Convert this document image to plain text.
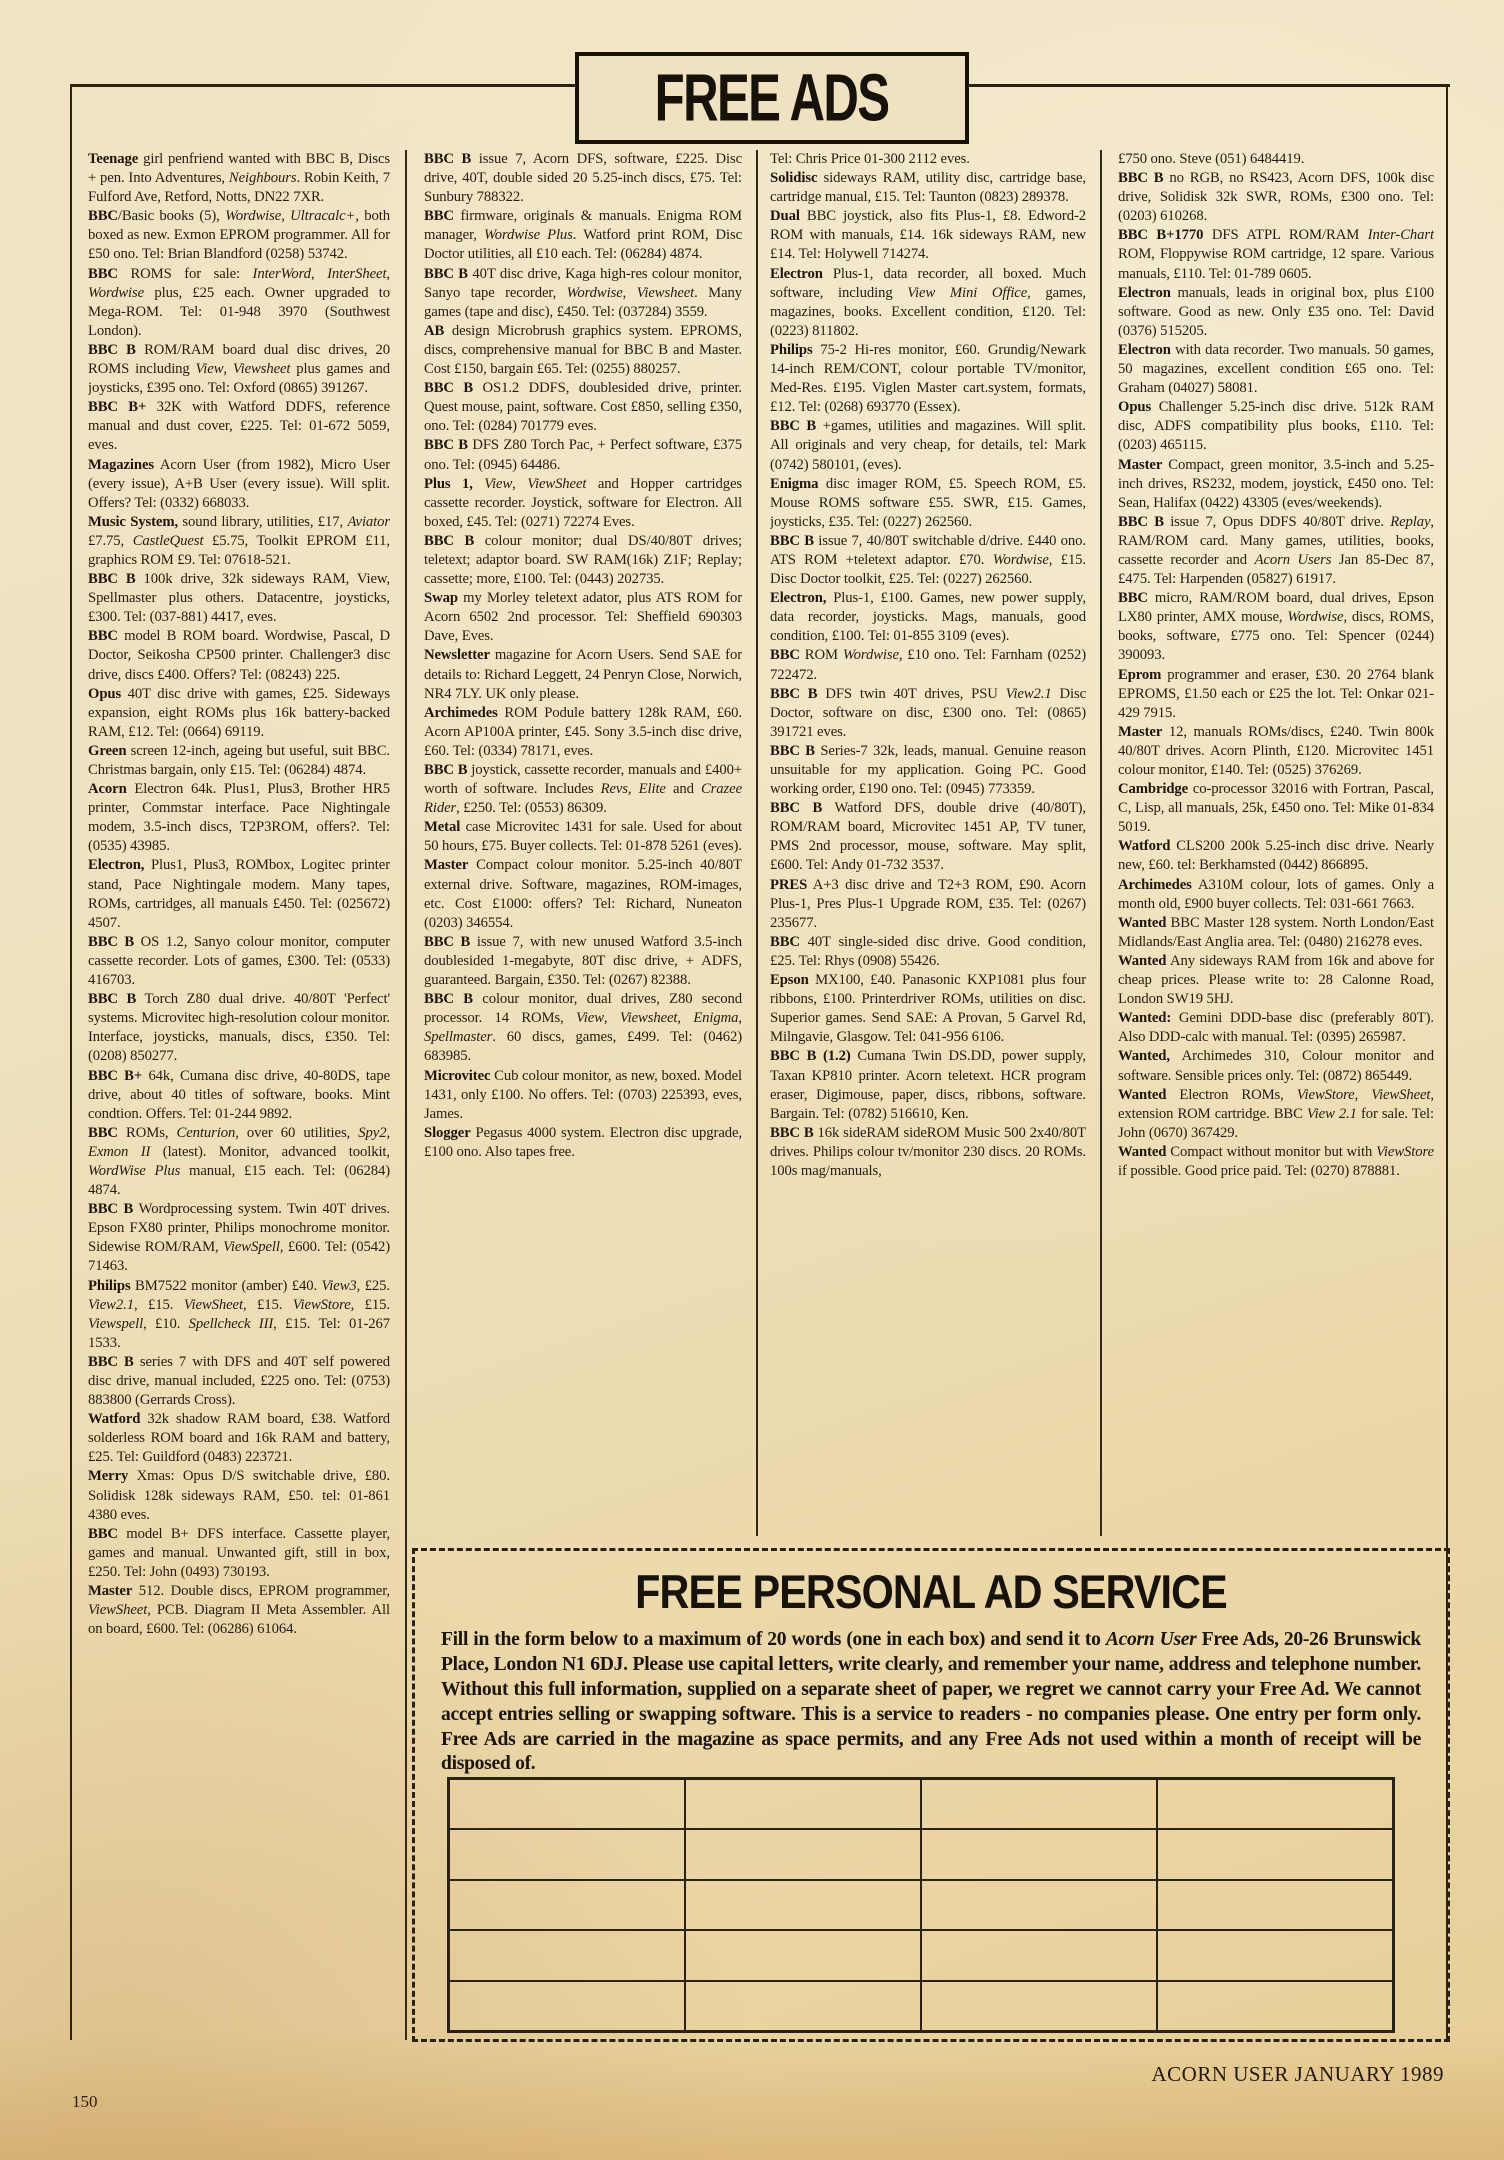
FREE ADS

Teenage girl penfriend wanted with BBC B, Discs + pen. Into Adventures, Neighbours. Robin Keith, 7 Fulford Ave, Retford, Notts, DN22 7XR.

BBC/Basic books (5), Wordwise, Ultracalc+, both boxed as new. Exmon EPROM programmer. All for £50 ono. Tel: Brian Blandford (0258) 53742.

BBC ROMS for sale: InterWord, InterSheet, Wordwise plus, £25 each. Owner upgraded to Mega-ROM. Tel: 01-948 3970 (Southwest London).

BBC B ROM/RAM board dual disc drives, 20 ROMS including View, Viewsheet plus games and joysticks, £395 ono. Tel: Oxford (0865) 391267.

BBC B+ 32K with Watford DDFS, reference manual and dust cover, £225. Tel: 01-672 5059, eves.

Magazines Acorn User (from 1982), Micro User (every issue), A+B User (every issue). Will split. Offers? Tel: (0332) 668033.

Music System, sound library, utilities, £17, Aviator £7.75, CastleQuest £5.75, Toolkit EPROM £11, graphics ROM £9. Tel: 07618-521.

BBC B 100k drive, 32k sideways RAM, View, Spellmaster plus others. Datacentre, joysticks, £300. Tel: (037-881) 4417, eves.

BBC model B ROM board. Wordwise, Pascal, D Doctor, Seikosha CP500 printer. Challenger3 disc drive, discs £400. Offers? Tel: (08243) 225.

Opus 40T disc drive with games, £25. Sideways expansion, eight ROMs plus 16k battery-backed RAM, £12. Tel: (0664) 69119.

Green screen 12-inch, ageing but useful, suit BBC. Christmas bargain, only £15. Tel: (06284) 4874.

Acorn Electron 64k. Plus1, Plus3, Brother HR5 printer, Commstar interface. Pace Nightingale modem, 3.5-inch discs, T2P3ROM, offers?. Tel: (0535) 43985.

Electron, Plus1, Plus3, ROMbox, Logitec printer stand, Pace Nightingale modem. Many tapes, ROMs, cartridges, all manuals £450. Tel: (025672) 4507.

BBC B OS 1.2, Sanyo colour monitor, computer cassette recorder. Lots of games, £300. Tel: (0533) 416703.

BBC B Torch Z80 dual drive. 40/80T 'Perfect' systems. Microvitec high-resolution colour monitor. Interface, joysticks, manuals, discs, £350. Tel: (0208) 850277.

BBC B+ 64k, Cumana disc drive, 40-80DS, tape drive, about 40 titles of software, books. Mint condtion. Offers. Tel: 01-244 9892.

BBC ROMs, Centurion, over 60 utilities, Spy2, Exmon II (latest). Monitor, advanced toolkit, WordWise Plus manual, £15 each. Tel: (06284) 4874.

BBC B Wordprocessing system. Twin 40T drives. Epson FX80 printer, Philips monochrome monitor. Sidewise ROM/RAM, ViewSpell, £600. Tel: (0542) 71463.

Philips BM7522 monitor (amber) £40. View3, £25. View2.1, £15. ViewSheet, £15. ViewStore, £15. Viewspell, £10. Spellcheck III, £15. Tel: 01-267 1533.

BBC B series 7 with DFS and 40T self powered disc drive, manual included, £225 ono. Tel: (0753) 883800 (Gerrards Cross).

Watford 32k shadow RAM board, £38. Watford solderless ROM board and 16k RAM and battery, £25. Tel: Guildford (0483) 223721.

Merry Xmas: Opus D/S switchable drive, £80. Solidisk 128k sideways RAM, £50. tel: 01-861 4380 eves.

BBC model B+ DFS interface. Cassette player, games and manual. Unwanted gift, still in box, £250. Tel: John (0493) 730193.

Master 512. Double discs, EPROM programmer, ViewSheet, PCB. Diagram II Meta Assembler. All on board, £600. Tel: (06286) 61064.

BBC B issue 7, Acorn DFS, software, £225. Disc drive, 40T, double sided 20 5.25-inch discs, £75. Tel: Sunbury 788322.

BBC firmware, originals & manuals. Enigma ROM manager, Wordwise Plus. Watford print ROM, Disc Doctor utilities, all £10 each. Tel: (06284) 4874.

BBC B 40T disc drive, Kaga high-res colour monitor, Sanyo tape recorder, Wordwise, Viewsheet. Many games (tape and disc), £450. Tel: (037284) 3559.

AB design Microbrush graphics system. EPROMS, discs, comprehensive manual for BBC B and Master. Cost £150, bargain £65. Tel: (0255) 880257.

BBC B OS1.2 DDFS, doublesided drive, printer. Quest mouse, paint, software. Cost £850, selling £350, ono. Tel: (0284) 701779 eves.

BBC B DFS Z80 Torch Pac, + Perfect software, £375 ono. Tel: (0945) 64486.

Plus 1, View, ViewSheet and Hopper cartridges cassette recorder. Joystick, software for Electron. All boxed, £45. Tel: (0271) 72274 Eves.

BBC B colour monitor; dual DS/40/80T drives; teletext; adaptor board. SW RAM(16k) Z1F; Replay; cassette; more, £100. Tel: (0443) 202735.

Swap my Morley teletext adator, plus ATS ROM for Acorn 6502 2nd processor. Tel: Sheffield 690303 Dave, Eves.

Newsletter magazine for Acorn Users. Send SAE for details to: Richard Leggett, 24 Penryn Close, Norwich, NR4 7LY. UK only please.

Archimedes ROM Podule battery 128k RAM, £60. Acorn AP100A printer, £45. Sony 3.5-inch disc drive, £60. Tel: (0334) 78171, eves.

BBC B joystick, cassette recorder, manuals and £400+ worth of software. Includes Revs, Elite and Crazee Rider, £250. Tel: (0553) 86309.

Metal case Microvitec 1431 for sale. Used for about 50 hours, £75. Buyer collects. Tel: 01-878 5261 (eves).

Master Compact colour monitor. 5.25-inch 40/80T external drive. Software, magazines, ROM-images, etc. Cost £1000: offers? Tel: Richard, Nuneaton (0203) 346554.

BBC B issue 7, with new unused Watford 3.5-inch doublesided 1-megabyte, 80T disc drive, + ADFS, guaranteed. Bargain, £350. Tel: (0267) 82388.

BBC B colour monitor, dual drives, Z80 second processor. 14 ROMs, View, Viewsheet, Enigma, Spellmaster. 60 discs, games, £499. Tel: (0462) 683985.

Microvitec Cub colour monitor, as new, boxed. Model 1431, only £100. No offers. Tel: (0703) 225393, eves, James.

Slogger Pegasus 4000 system. Electron disc upgrade, £100 ono. Also tapes free.

Tel: Chris Price 01-300 2112 eves.

Solidisc sideways RAM, utility disc, cartridge base, cartridge manual, £15. Tel: Taunton (0823) 289378.

Dual BBC joystick, also fits Plus-1, £8. Edword-2 ROM with manuals, £14. 16k sideways RAM, new £14. Tel: Holywell 714274.

Electron Plus-1, data recorder, all boxed. Much software, including View Mini Office, games, magazines, books. Excellent condition, £120. Tel: (0223) 811802.

Philips 75-2 Hi-res monitor, £60. Grundig/Newark 14-inch REM/CONT, colour portable TV/monitor, Med-Res. £195. Viglen Master cart.system, formats, £12. Tel: (0268) 693770 (Essex).

BBC B +games, utilities and magazines. Will split. All originals and very cheap, for details, tel: Mark (0742) 580101, (eves).

Enigma disc imager ROM, £5. Speech ROM, £5. Mouse ROMS software £55. SWR, £15. Games, joysticks, £35. Tel: (0227) 262560.

BBC B issue 7, 40/80T switchable d/drive. £440 ono. ATS ROM +teletext adaptor. £70. Wordwise, £15. Disc Doctor toolkit, £25. Tel: (0227) 262560.

Electron, Plus-1, £100. Games, new power supply, data recorder, joysticks. Mags, manuals, good condition, £100. Tel: 01-855 3109 (eves).

BBC ROM Wordwise, £10 ono. Tel: Farnham (0252) 722472.

BBC B DFS twin 40T drives, PSU View2.1 Disc Doctor, software on disc, £300 ono. Tel: (0865) 391721 eves.

BBC B Series-7 32k, leads, manual. Genuine reason unsuitable for my application. Going PC. Good working order, £190 ono. Tel: (0945) 773359.

BBC B Watford DFS, double drive (40/80T), ROM/RAM board, Microvitec 1451 AP, TV tuner, PMS 2nd processor, mouse, software. May split, £600. Tel: Andy 01-732 3537.

PRES A+3 disc drive and T2+3 ROM, £90. Acorn Plus-1, Pres Plus-1 Upgrade ROM, £35. Tel: (0267) 235677.

BBC 40T single-sided disc drive. Good condition, £25. Tel: Rhys (0908) 55426.

Epson MX100, £40. Panasonic KXP1081 plus four ribbons, £100. Printerdriver ROMs, utilities on disc. Superior games. Send SAE: A Provan, 5 Garvel Rd, Milngavie, Glasgow. Tel: 041-956 6106.

BBC B (1.2) Cumana Twin DS.DD, power supply, Taxan KP810 printer. Acorn teletext. HCR program eraser, Digimouse, paper, discs, ribbons, software. Bargain. Tel: (0782) 516610, Ken.

BBC B 16k sideRAM sideROM Music 500 2x40/80T drives. Philips colour tv/monitor 230 discs. 20 ROMs. 100s mag/manuals,

£750 ono. Steve (051) 6484419.

BBC B no RGB, no RS423, Acorn DFS, 100k disc drive, Solidisk 32k SWR, ROMs, £300 ono. Tel: (0203) 610268.

BBC B+1770 DFS ATPL ROM/RAM Inter-Chart ROM, Floppywise ROM cartridge, 12 spare. Various manuals, £110. Tel: 01-789 0605.

Electron manuals, leads in original box, plus £100 software. Good as new. Only £35 ono. Tel: David (0376) 515205.

Electron with data recorder. Two manuals. 50 games, 50 magazines, excellent condition £65 ono. Tel: Graham (04027) 58081.

Opus Challenger 5.25-inch disc drive. 512k RAM disc, ADFS compatibility plus books, £110. Tel: (0203) 465115.

Master Compact, green monitor, 3.5-inch and 5.25-inch drives, RS232, modem, joystick, £450 ono. Tel: Sean, Halifax (0422) 43305 (eves/weekends).

BBC B issue 7, Opus DDFS 40/80T drive. Replay, RAM/ROM card. Many games, utilities, books, cassette recorder and Acorn Users Jan 85-Dec 87, £475. Tel: Harpenden (05827) 61917.

BBC micro, RAM/ROM board, dual drives, Epson LX80 printer, AMX mouse, Wordwise, discs, ROMS, books, software, £775 ono. Tel: Spencer (0244) 390093.

Eprom programmer and eraser, £30. 20 2764 blank EPROMS, £1.50 each or £25 the lot. Tel: Onkar 021-429 7915.

Master 12, manuals ROMs/discs, £240. Twin 800k 40/80T drives. Acorn Plinth, £120. Microvitec 1451 colour monitor, £140. Tel: (0525) 376269.

Cambridge co-processor 32016 with Fortran, Pascal, C, Lisp, all manuals, 25k, £450 ono. Tel: Mike 01-834 5019.

Watford CLS200 200k 5.25-inch disc drive. Nearly new, £60. tel: Berkhamsted (0442) 866895.

Archimedes A310M colour, lots of games. Only a month old, £900 buyer collects. Tel: 031-661 7663.

Wanted BBC Master 128 system. North London/East Midlands/East Anglia area. Tel: (0480) 216278 eves.

Wanted Any sideways RAM from 16k and above for cheap prices. Please write to: 28 Calonne Road, London SW19 5HJ.

Wanted: Gemini DDD-base disc (preferably 80T). Also DDD-calc with manual. Tel: (0395) 265987.

Wanted, Archimedes 310, Colour monitor and software. Sensible prices only. Tel: (0872) 865449.

Wanted Electron ROMs, ViewStore, ViewSheet, extension ROM cartridge. BBC View 2.1 for sale. Tel: John (0670) 367429.

Wanted Compact without monitor but with ViewStore if possible. Good price paid. Tel: (0270) 878881.

FREE PERSONAL AD SERVICE
Fill in the form below to a maximum of 20 words (one in each box) and send it to Acorn User Free Ads, 20-26 Brunswick Place, London N1 6DJ. Please use capital letters, write clearly, and remember your name, address and telephone number. Without this full information, supplied on a separate sheet of paper, we regret we cannot carry your Free Ad. We cannot accept entries selling or swapping software. This is a service to readers - no companies please. One entry per form only. Free Ads are carried in the magazine as space permits, and any Free Ads not used within a month of receipt will be disposed of.
150
ACORN USER JANUARY 1989
